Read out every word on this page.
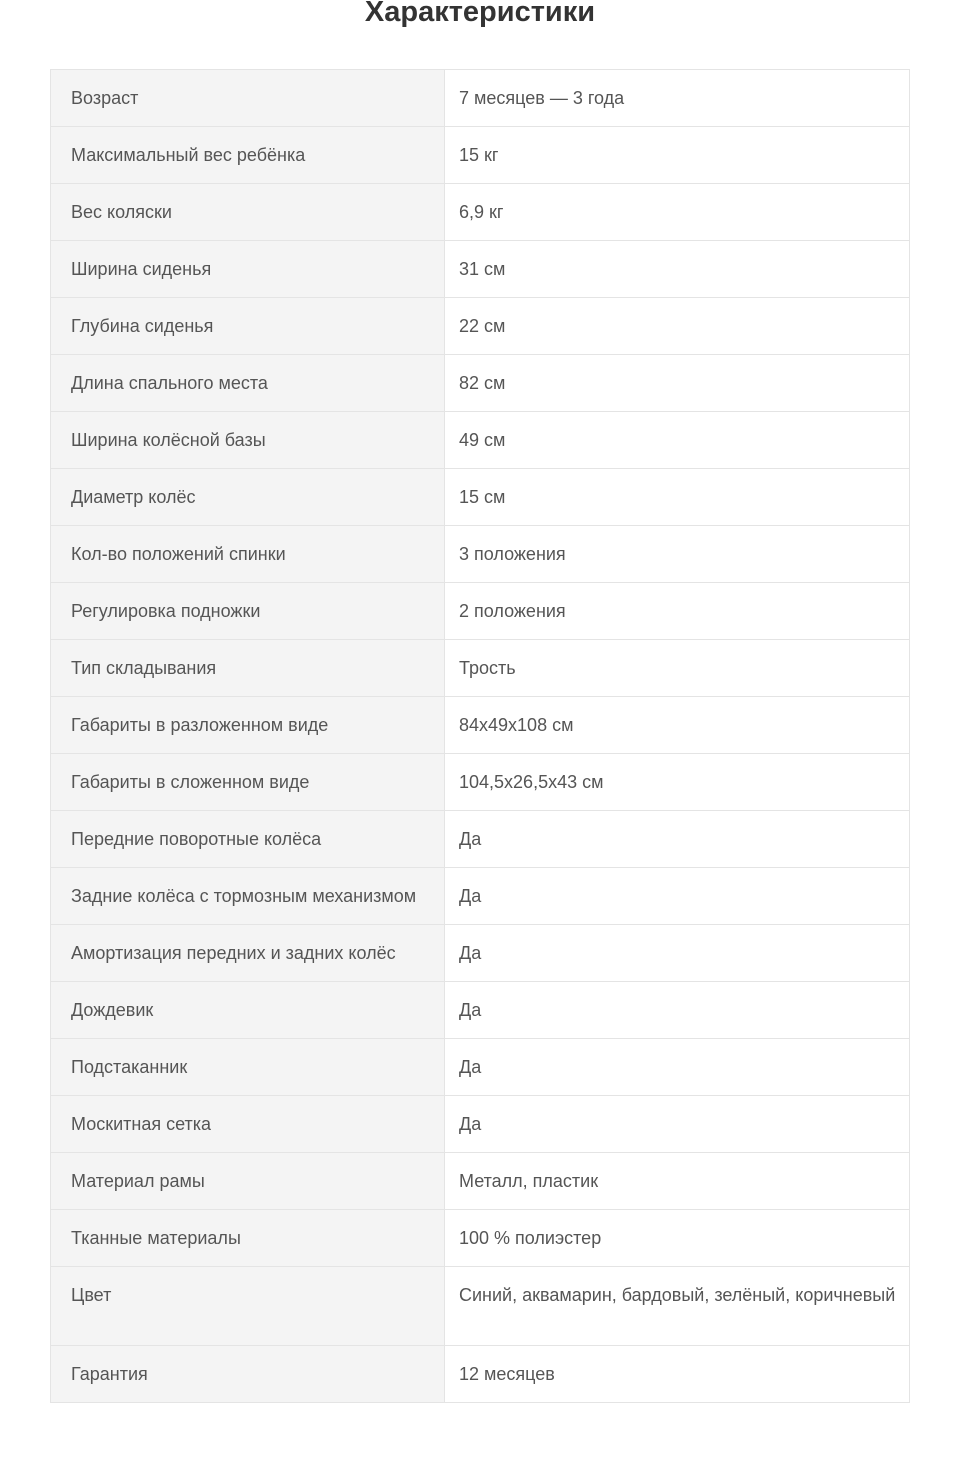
Характеристики
Возраст	7 месяцев — 3 года
Максимальный вес ребёнка	15 кг
Вес коляски	6,9 кг
Ширина сиденья	31 см
Глубина сиденья	22 см
Длина спального места	82 см
Ширина колёсной базы	49 см
Диаметр колёс	15 см
Кол-во положений спинки	3 положения
Регулировка подножки	2 положения
Тип складывания	Трость
Габариты в разложенном виде	84x49x108 см
Габариты в сложенном виде	104,5x26,5x43 см
Передние поворотные колёса	Да
Задние колёса с тормозным механизмом	Да
Амортизация передних и задних колёс	Да
Дождевик	Да
Подстаканник	Да
Москитная сетка	Да
Материал рамы	Металл, пластик
Тканные материалы	100 % полиэстер
Цвет	Синий, аквамарин, бардовый, зелёный, коричневый
Гарантия	12 месяцев
